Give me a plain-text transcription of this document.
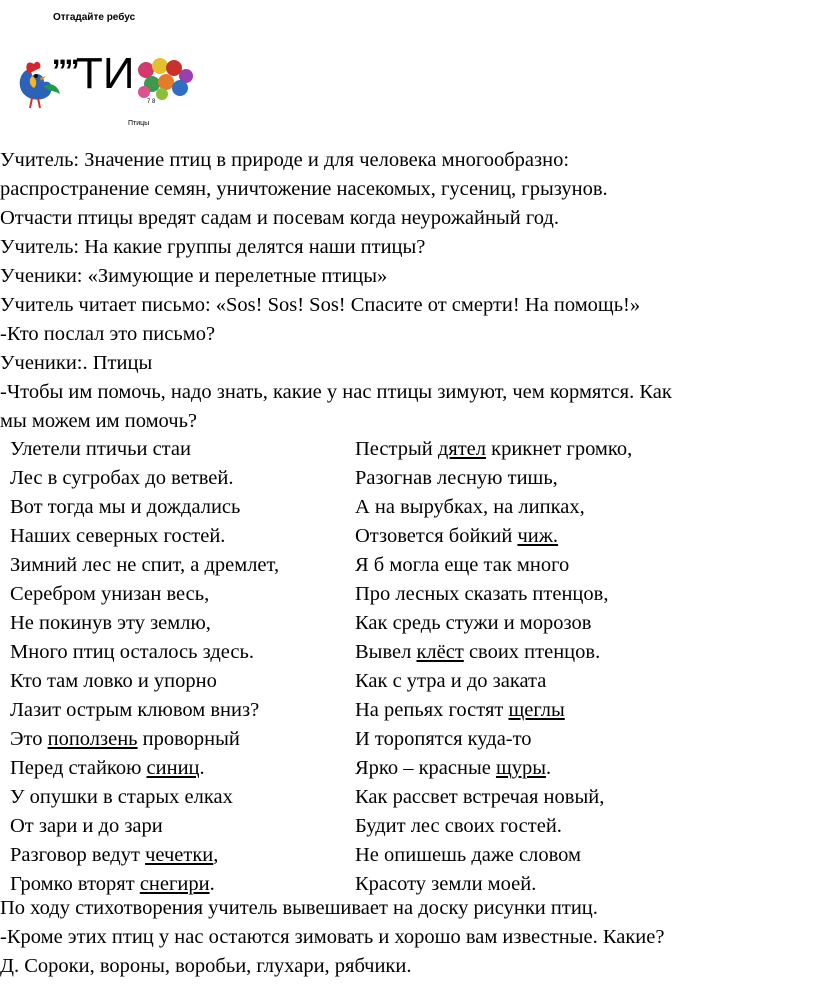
Отгадайте ребус
,,,,
ТИ
7 8
Птицы

Учитель: Значение птиц в природе и для человека многообразно:

распространение семян, уничтожение насекомых, гусениц, грызунов.

Отчасти птицы вредят садам и посевам когда неурожайный год.

Учитель: На какие группы делятся наши птицы?

Ученики: «Зимующие и перелетные птицы»

Учитель читает письмо: «Sos! Sos! Sos! Спасите от смерти! На помощь!»

-Кто послал это письмо?

Ученики:. Птицы

-Чтобы им помочь, надо знать, какие у нас птицы зимуют, чем кормятся. Как

мы можем им помочь?

Улетели птичьи стаи
Лес в сугробах до ветвей.
Вот тогда мы и дождались
Наших северных гостей.
Зимний лес не спит, а дремлет,
Серебром унизан весь,
Не покинув эту землю,
Много птиц осталось здесь.
Кто там ловко и упорно
Лазит острым клювом вниз?
Это поползень проворный
Перед стайкою синиц.
У опушки в старых елках
От зари и до зари
Разговор ведут чечетки,
Громко вторят снегири.
Пестрый дятел крикнет громко,
Разогнав лесную тишь,
А на вырубках, на липках,
Отзовется бойкий чиж.
Я б могла еще так много
Про лесных сказать птенцов,
Как средь стужи и морозов
Вывел клёст своих птенцов.
Как с утра и до заката
На репьях гостят щеглы
И торопятся куда-то
Ярко – красные щуры.
Как рассвет встречая новый,
Будит лес своих гостей.
Не опишешь даже словом
Красоту земли моей.

По ходу стихотворения учитель вывешивает на доску рисунки птиц.

-Кроме этих птиц у нас остаются зимовать и хорошо вам известные. Какие?

Д. Сороки, вороны, воробьи, глухари, рябчики.
